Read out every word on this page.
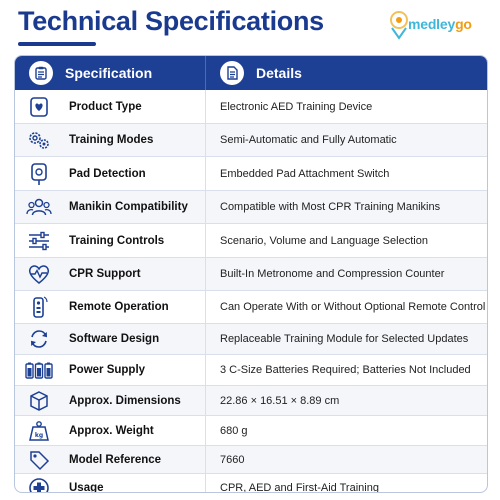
Technical Specifications	medleygo
Specification	Details
Product Type	Electronic AED Training Device
Training Modes	Semi-Automatic and Fully Automatic
Pad Detection	Embedded Pad Attachment Switch
Manikin Compatibility	Compatible with Most CPR Training Manikins
Training Controls	Scenario, Volume and Language Selection
CPR Support	Built-In Metronome and Compression Counter
Remote Operation	Can Operate With or Without Optional Remote Control
Software Design	Replaceable Training Module for Selected Updates
Power Supply	3 C-Size Batteries Required; Batteries Not Included
Approx. Dimensions	22.86 × 16.51 × 8.89 cm
kg Approx. Weight	680 g
Model Reference	7660
Usage	CPR, AED and First-Aid Training
